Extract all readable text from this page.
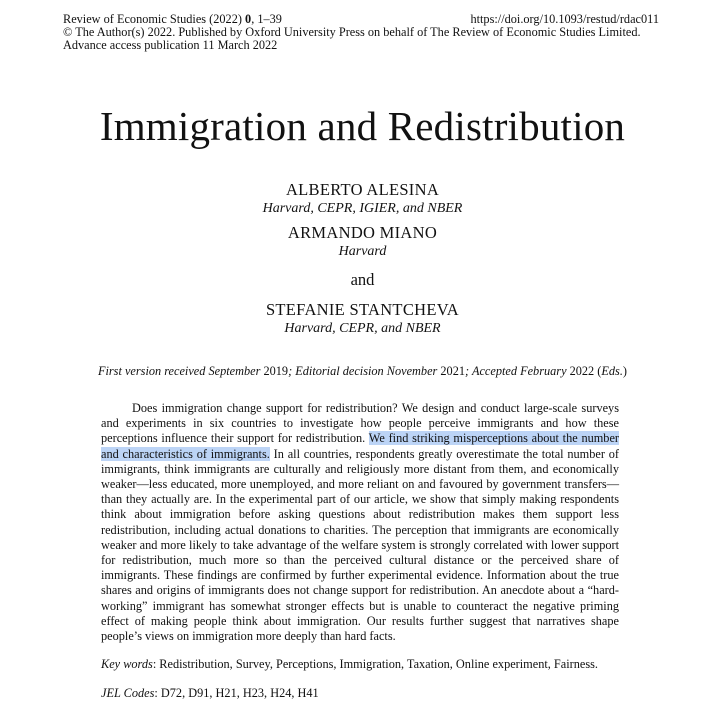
Review of Economic Studies (2022) 0, 1–39	https://doi.org/10.1093/restud/rdac011
© The Author(s) 2022. Published by Oxford University Press on behalf of The Review of Economic Studies Limited.
Advance access publication 11 March 2022
Immigration and Redistribution
ALBERTO ALESINA
Harvard, CEPR, IGIER, and NBER
ARMANDO MIANO
Harvard
and
STEFANIE STANTCHEVA
Harvard, CEPR, and NBER
First version received September 2019; Editorial decision November 2021; Accepted February 2022 (Eds.)
Does immigration change support for redistribution? We design and conduct large-scale surveys and experiments in six countries to investigate how people perceive immigrants and how these perceptions influence their support for redistribution. We find striking misperceptions about the number and characteristics of immigrants. In all countries, respondents greatly overestimate the total number of immigrants, think immigrants are culturally and religiously more distant from them, and economically weaker—less educated, more unemployed, and more reliant on and favoured by government transfers—than they actually are. In the experimental part of our article, we show that simply making respondents think about immigration before asking questions about redistribution makes them support less redistribution, including actual donations to charities. The perception that immigrants are economically weaker and more likely to take advantage of the welfare system is strongly correlated with lower support for redistribution, much more so than the perceived cultural distance or the perceived share of immigrants. These findings are confirmed by further experimental evidence. Information about the true shares and origins of immigrants does not change support for redistribution. An anecdote about a “hard-working” immigrant has somewhat stronger effects but is unable to counteract the negative priming effect of making people think about immigration. Our results further suggest that narratives shape people’s views on immigration more deeply than hard facts.
Key words: Redistribution, Survey, Perceptions, Immigration, Taxation, Online experiment, Fairness.
JEL Codes: D72, D91, H21, H23, H24, H41
